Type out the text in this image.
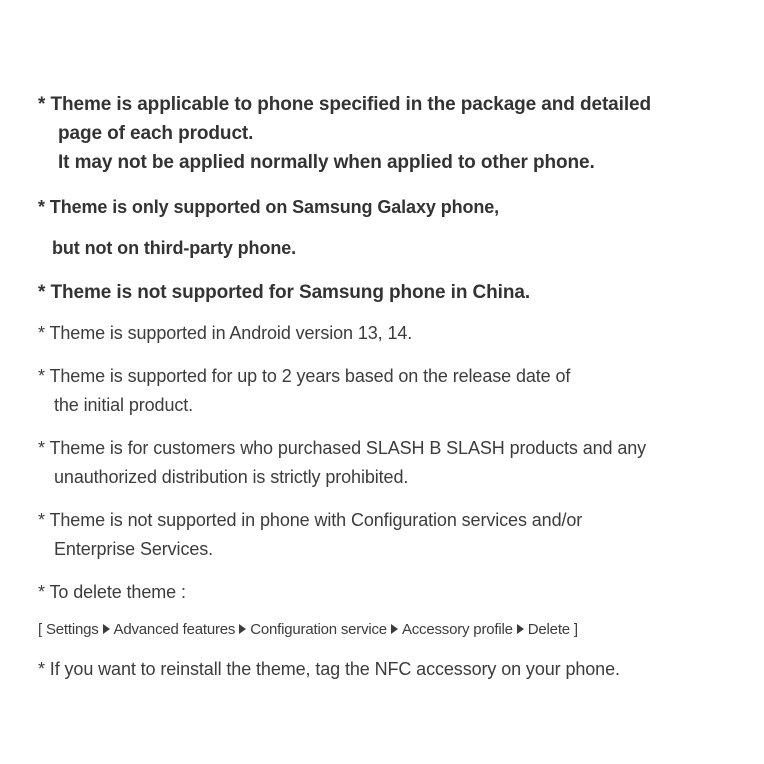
* Theme is applicable to phone specified in the package and detailed
page of each product.
It may not be applied normally when applied to other phone.
* Theme is only supported on Samsung Galaxy phone,
but not on third-party phone.
* Theme is not supported for Samsung phone in China.
* Theme is supported in Android version 13, 14.
* Theme is supported for up to 2 years based on the release date of
the initial product.
* Theme is for customers who purchased SLASH B SLASH products and any
unauthorized distribution is strictly prohibited.
* Theme is not supported in phone with Configuration services and/or
Enterprise Services.
* To delete theme :
[ Settings Advanced features Configuration service Accessory profile Delete ]
* If you want to reinstall the theme, tag the NFC accessory on your phone.
